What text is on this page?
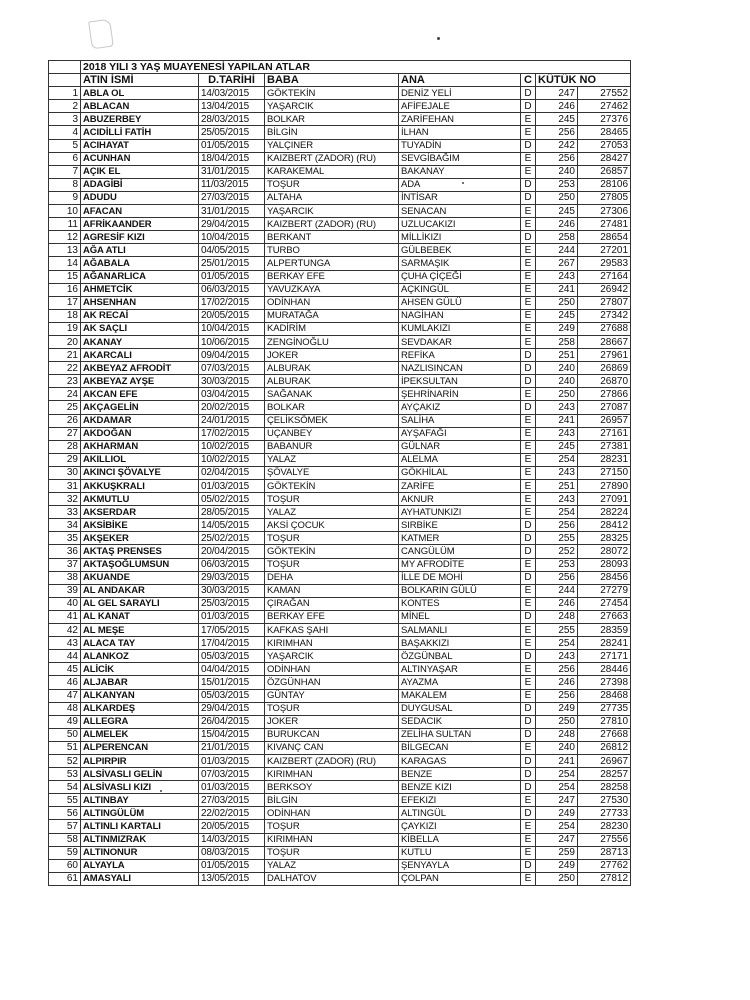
	2018 YILI 3 YAŞ MUAYENESİ YAPILAN ATLAR						
	ATIN İSMİ	D.TARİHİ	BABA	ANA	C	KÜTÜK NO	
1	ABLA OL	14/03/2015	GÖKTEKİN	DENİZ YELİ	D	247	27552
2	ABLACAN	13/04/2015	YAŞARCIK	AFİFEJALE	D	246	27462
3	ABUZERBEY	28/03/2015	BOLKAR	ZARİFEHAN	E	245	27376
4	ACIDİLLİ FATİH	25/05/2015	BİLGİN	İLHAN	E	256	28465
5	ACIHAYAT	01/05/2015	YALÇINER	TUYADİN	D	242	27053
6	ACUNHAN	18/04/2015	KAIZBERT (ZADOR) (RU)	SEVGİBAĞIM	E	256	28427
7	AÇIK EL	31/01/2015	KARAKEMAL	BAKANAY	E	240	26857
8	ADAGİBİ	11/03/2015	TOŞUR	ADA	D	253	28106
9	ADUDU	27/03/2015	ALTAHA	İNTİSAR	D	250	27805
10	AFACAN	31/01/2015	YAŞARCIK	SENACAN	E	245	27306
11	AFRİKAANDER	29/04/2015	KAIZBERT (ZADOR) (RU)	UZLUCAKIZI	E	246	27481
12	AGRESİF KIZI	10/04/2015	BERKANT	MİLLİKIZI	D	258	28654
13	AĞA ATLI	04/05/2015	TURBO	GÜLBEBEK	E	244	27201
14	AĞABALA	25/01/2015	ALPERTUNGA	SARMAŞIK	E	267	29583
15	AĞANARLICA	01/05/2015	BERKAY EFE	ÇUHA ÇİÇEĞİ	E	243	27164
16	AHMETCİK	06/03/2015	YAVUZKAYA	AÇKINGÜL	E	241	26942
17	AHSENHAN	17/02/2015	ODİNHAN	AHSEN GÜLÜ	E	250	27807
18	AK RECAİ	20/05/2015	MURATAĞA	NAGİHAN	E	245	27342
19	AK SAÇLI	10/04/2015	KADİRİM	KUMLAKIZI	E	249	27688
20	AKANAY	10/06/2015	ZENGİNOĞLU	SEVDAKAR	E	258	28667
21	AKARCALI	09/04/2015	JOKER	REFİKA	D	251	27961
22	AKBEYAZ AFRODİT	07/03/2015	ALBURAK	NAZLISINCAN	D	240	26869
23	AKBEYAZ AYŞE	30/03/2015	ALBURAK	İPEKSULTAN	D	240	26870
24	AKCAN EFE	03/04/2015	SAĞANAK	ŞEHRİNARİN	E	250	27866
25	AKÇAGELİN	20/02/2015	BOLKAR	AYÇAKIZ	D	243	27087
26	AKDAMAR	24/01/2015	ÇELİKSÖMEK	SALİHA	E	241	26957
27	AKDOĞAN	17/02/2015	UÇANBEY	AYŞAFAĞI	E	243	27161
28	AKHARMAN	10/02/2015	BABANUR	GÜLNAR	E	245	27381
29	AKILLIOL	10/02/2015	YALAZ	ALELMA	E	254	28231
30	AKINCI ŞÖVALYE	02/04/2015	ŞÖVALYE	GÖKHİLAL	E	243	27150
31	AKKUŞKRALI	01/03/2015	GÖKTEKİN	ZARİFE	E	251	27890
32	AKMUTLU	05/02/2015	TOŞUR	AKNUR	E	243	27091
33	AKSERDAR	28/05/2015	YALAZ	AYHATUNKIZI	E	254	28224
34	AKSİBİKE	14/05/2015	AKSİ ÇOCUK	SIRBİKE	D	256	28412
35	AKŞEKER	25/02/2015	TOŞUR	KATMER	D	255	28325
36	AKTAŞ PRENSES	20/04/2015	GÖKTEKİN	CANGÜLÜM	D	252	28072
37	AKTAŞOĞLUMSUN	06/03/2015	TOŞUR	MY AFRODİTE	E	253	28093
38	AKUANDE	29/03/2015	DEHA	İLLE DE MOHİ	D	256	28456
39	AL ANDAKAR	30/03/2015	KAMAN	BOLKARIN GÜLÜ	E	244	27279
40	AL GEL SARAYLI	25/03/2015	ÇIRAĞAN	KONTES	E	246	27454
41	AL KANAT	01/03/2015	BERKAY EFE	MİNEL	D	248	27663
42	AL MEŞE	17/05/2015	KAFKAS ŞAHI	SALMANLI	E	255	28359
43	ALACA TAY	17/04/2015	KIRIMHAN	BAŞAKKIZI	E	254	28241
44	ALANKOZ	05/03/2015	YAŞARCIK	ÖZGÜNBAL	D	243	27171
45	ALİCİK	04/04/2015	ODİNHAN	ALTINYAŞAR	E	256	28446
46	ALJABAR	15/01/2015	ÖZGÜNHAN	AYAZMA	E	246	27398
47	ALKANYAN	05/03/2015	GÜNTAY	MAKALEM	E	256	28468
48	ALKARDEŞ	29/04/2015	TOŞUR	DUYGUSAL	D	249	27735
49	ALLEGRA	26/04/2015	JOKER	SEDACIK	D	250	27810
50	ALMELEK	15/04/2015	BURUKCAN	ZELİHA SULTAN	D	248	27668
51	ALPERENCAN	21/01/2015	KIVANÇ CAN	BİLGECAN	E	240	26812
52	ALPIRPIR	01/03/2015	KAIZBERT (ZADOR) (RU)	KARAGAS	D	241	26967
53	ALSİVASLI GELİN	07/03/2015	KIRIMHAN	BENZE	D	254	28257
54	ALSİVASLI KIZI	01/03/2015	BERKSOY	BENZE KIZI	D	254	28258
55	ALTINBAY	27/03/2015	BİLGİN	EFEKIZI	E	247	27530
56	ALTINGÜLÜM	22/02/2015	ODİNHAN	ALTINGÜL	D	249	27733
57	ALTINLI KARTALI	20/05/2015	TOŞUR	ÇAYKIZI	E	254	28230
58	ALTINMIZRAK	14/03/2015	KIRIMHAN	KİBELLA	E	247	27556
59	ALTINONUR	08/03/2015	TOŞUR	KUTLU	E	259	28713
60	ALYAYLA	01/05/2015	YALAZ	ŞENYAYLA	D	249	27762
61	AMASYALI	13/05/2015	DALHATOV	ÇOLPAN	E	250	27812
